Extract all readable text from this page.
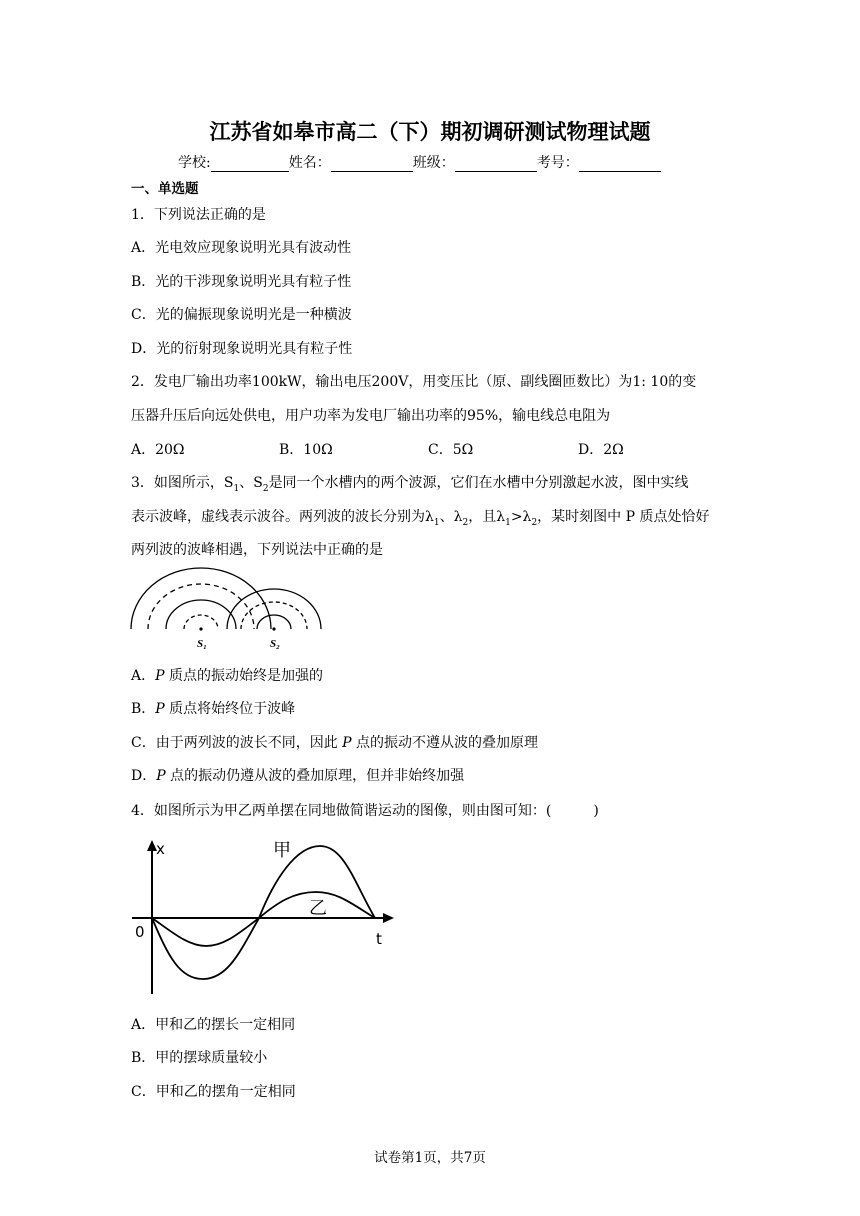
江苏省如皋市高二（下）期初调研测试物理试题
学校:	姓名：	班级：	考号：
一、单选题
1．下列说法正确的是
A．光电效应现象说明光具有波动性
B．光的干涉现象说明光具有粒子性
C．光的偏振现象说明光是一种横波
D．光的衍射现象说明光具有粒子性
2．发电厂输出功率100kW，输出电压200V，用变压比（原、副线圈匝数比）为1: 10的变
压器升压后向远处供电，用户功率为发电厂输出功率的95%，输电线总电阻为
A．20Ω	B．10Ω	C．5Ω	D．2Ω
3．如图所示，$S_1$、$S_2$是同一个水槽内的两个波源，它们在水槽中分别激起水波，图中实线
表示波峰，虚线表示波谷。两列波的波长分别为$\lambda_1$、$\lambda_2$，且$\lambda_1>\lambda_2$，某时刻图中 P 质点处恰好
两列波的波峰相遇，下列说法中正确的是
S₁	S₂
A．P 质点的振动始终是加强的
B．P 质点将始终位于波峰
C．由于两列波的波长不同，因此 P 点的振动不遵从波的叠加原理
D．P 点的振动仍遵从波的叠加原理，但并非始终加强
4．如图所示为甲乙两单摆在同地做简谐运动的图像，则由图可知：(　　　)
x
0	t
甲
乙
A．甲和乙的摆长一定相同
B．甲的摆球质量较小
C．甲和乙的摆角一定相同
试卷第1页，共7页
